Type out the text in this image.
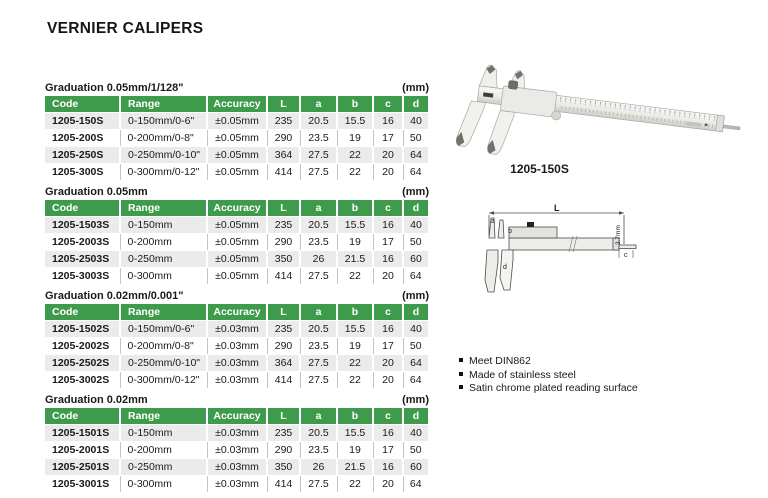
VERNIER CALIPERS
Graduation 0.05mm/1/128"	(mm)
Code	Range	Accuracy	L	a	b	c	d
1205-150S	0-150mm/0-6"	±0.05mm	235	20.5	15.5	16	40
1205-200S	0-200mm/0-8"	±0.05mm	290	23.5	19	17	50
1205-250S	0-250mm/0-10"	±0.05mm	364	27.5	22	20	64
1205-300S	0-300mm/0-12"	±0.05mm	414	27.5	22	20	64
Graduation 0.05mm	(mm)
Code	Range	Accuracy	L	a	b	c	d
1205-1503S	0-150mm	±0.05mm	235	20.5	15.5	16	40
1205-2003S	0-200mm	±0.05mm	290	23.5	19	17	50
1205-2503S	0-250mm	±0.05mm	350	26	21.5	16	60
1205-3003S	0-300mm	±0.05mm	414	27.5	22	20	64
Graduation 0.02mm/0.001"	(mm)
Code	Range	Accuracy	L	a	b	c	d
1205-1502S	0-150mm/0-6"	±0.03mm	235	20.5	15.5	16	40
1205-2002S	0-200mm/0-8"	±0.03mm	290	23.5	19	17	50
1205-2502S	0-250mm/0-10"	±0.03mm	364	27.5	22	20	64
1205-3002S	0-300mm/0-12"	±0.03mm	414	27.5	22	20	64
Graduation 0.02mm	(mm)
Code	Range	Accuracy	L	a	b	c	d
1205-1501S	0-150mm	±0.03mm	235	20.5	15.5	16	40
1205-2001S	0-200mm	±0.03mm	290	23.5	19	17	50
1205-2501S	0-250mm	±0.03mm	350	26	21.5	16	60
1205-3001S	0-300mm	±0.03mm	414	27.5	22	20	64
1205-150S
L
a
b
d
c
3.7mm
Meet DIN862
Made of stainless steel
Satin chrome plated reading surface
